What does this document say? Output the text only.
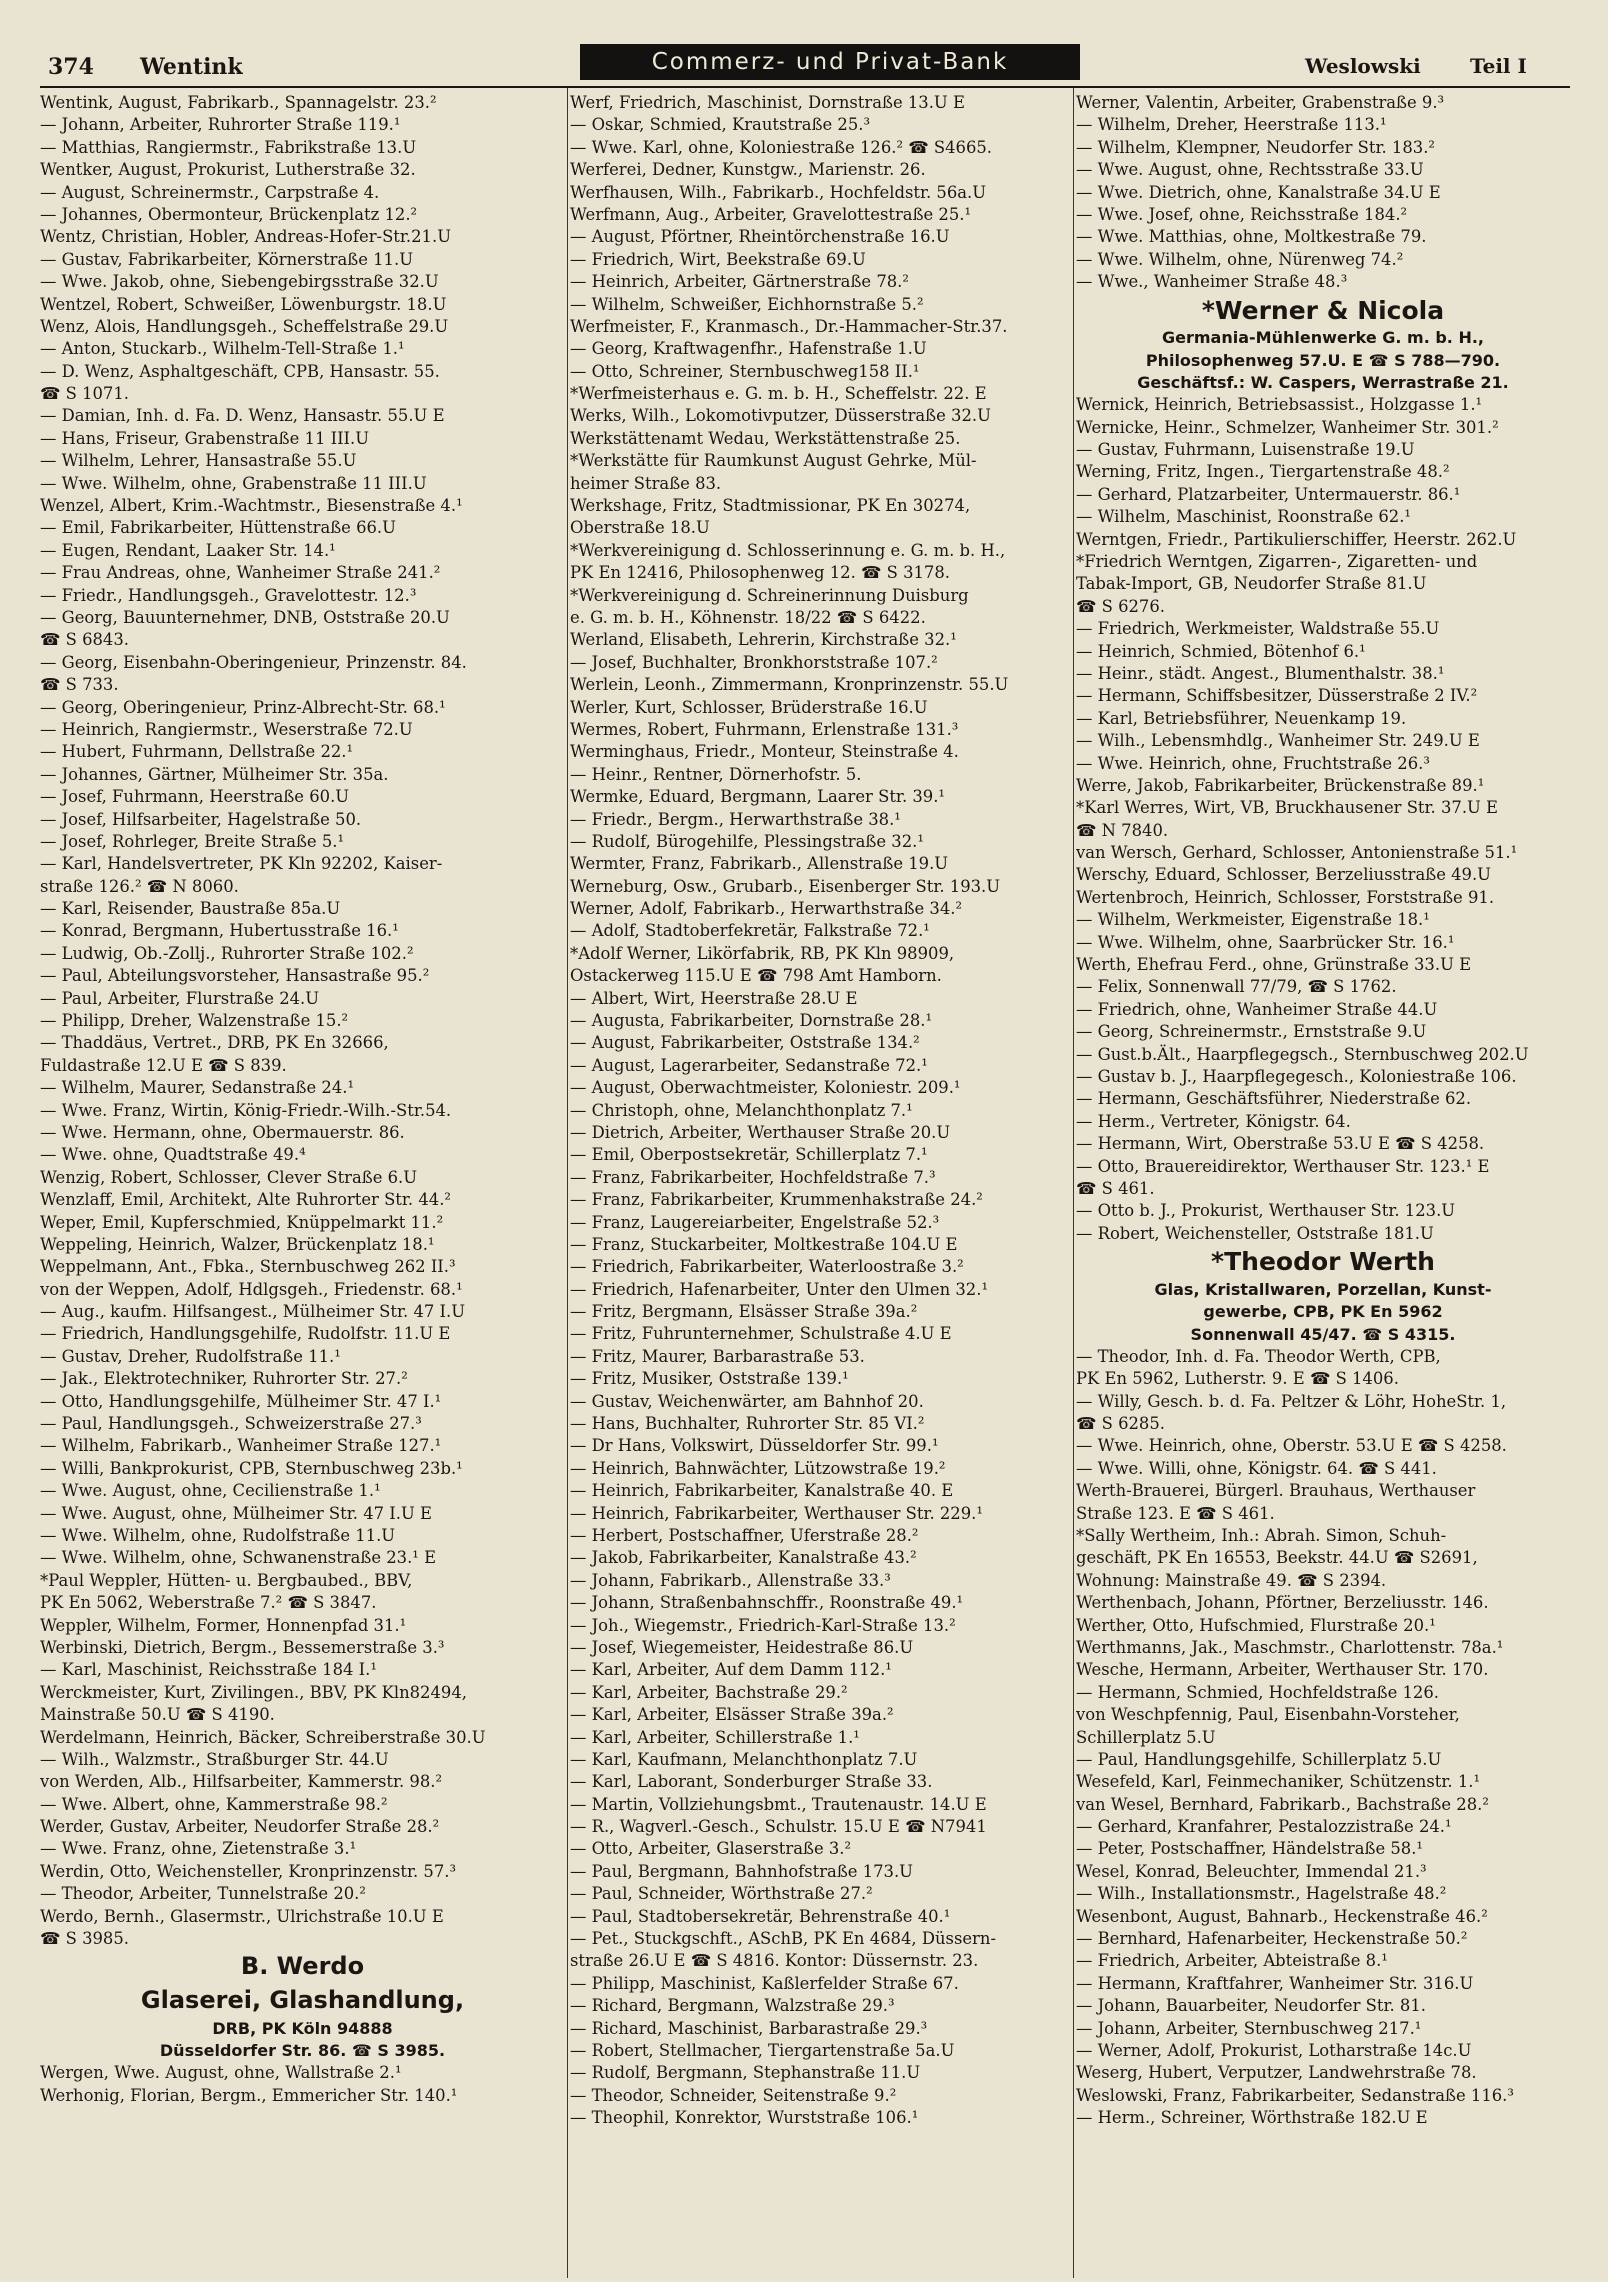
374 Wentink	Commerz- und Privat-Bank	Weslowski Teil I
Wentink, August, Fabrikarb., Spannagelstr. 23.²
— Johann, Arbeiter, Ruhrorter Straße 119.¹
— Matthias, Rangiermstr., Fabrikstraße 13.U
Wentker, August, Prokurist, Lutherstraße 32.
— August, Schreinermstr., Carpstraße 4.
— Johannes, Obermonteur, Brückenplatz 12.²
Wentz, Christian, Hobler, Andreas-Hofer-Str.21.U
— Gustav, Fabrikarbeiter, Körnerstraße 11.U
— Wwe. Jakob, ohne, Siebengebirgsstraße 32.U
Wentzel, Robert, Schweißer, Löwenburgstr. 18.U
Wenz, Alois, Handlungsgeh., Scheffelstraße 29.U
— Anton, Stuckarb., Wilhelm-Tell-Straße 1.¹
— D. Wenz, Asphaltgeschäft, CPB, Hansastr. 55.
☎ S 1071.
— Damian, Inh. d. Fa. D. Wenz, Hansastr. 55.U E
— Hans, Friseur, Grabenstraße 11 III.U
— Wilhelm, Lehrer, Hansastraße 55.U
— Wwe. Wilhelm, ohne, Grabenstraße 11 III.U
Wenzel, Albert, Krim.-Wachtmstr., Biesenstraße 4.¹
— Emil, Fabrikarbeiter, Hüttenstraße 66.U
— Eugen, Rendant, Laaker Str. 14.¹
— Frau Andreas, ohne, Wanheimer Straße 241.²
— Friedr., Handlungsgeh., Gravelottestr. 12.³
— Georg, Bauunternehmer, DNB, Oststraße 20.U
☎ S 6843.
— Georg, Eisenbahn-Oberingenieur, Prinzenstr. 84.
☎ S 733.
— Georg, Oberingenieur, Prinz-Albrecht-Str. 68.¹
— Heinrich, Rangiermstr., Weserstraße 72.U
— Hubert, Fuhrmann, Dellstraße 22.¹
— Johannes, Gärtner, Mülheimer Str. 35a.
— Josef, Fuhrmann, Heerstraße 60.U
— Josef, Hilfsarbeiter, Hagelstraße 50.
— Josef, Rohrleger, Breite Straße 5.¹
— Karl, Handelsvertreter, PK Kln 92202, Kaiser-
straße 126.² ☎ N 8060.
— Karl, Reisender, Baustraße 85a.U
— Konrad, Bergmann, Hubertusstraße 16.¹
— Ludwig, Ob.-Zollj., Ruhrorter Straße 102.²
— Paul, Abteilungsvorsteher, Hansastraße 95.²
— Paul, Arbeiter, Flurstraße 24.U
— Philipp, Dreher, Walzenstraße 15.²
— Thaddäus, Vertret., DRB, PK En 32666,
Fuldastraße 12.U E ☎ S 839.
— Wilhelm, Maurer, Sedanstraße 24.¹
— Wwe. Franz, Wirtin, König-Friedr.-Wilh.-Str.54.
— Wwe. Hermann, ohne, Obermauerstr. 86.
— Wwe. ohne, Quadtstraße 49.⁴
Wenzig, Robert, Schlosser, Clever Straße 6.U
Wenzlaff, Emil, Architekt, Alte Ruhrorter Str. 44.²
Weper, Emil, Kupferschmied, Knüppelmarkt 11.²
Weppeling, Heinrich, Walzer, Brückenplatz 18.¹
Weppelmann, Ant., Fbka., Sternbuschweg 262 II.³
von der Weppen, Adolf, Hdlgsgeh., Friedenstr. 68.¹
— Aug., kaufm. Hilfsangest., Mülheimer Str. 47 I.U
— Friedrich, Handlungsgehilfe, Rudolfstr. 11.U E
— Gustav, Dreher, Rudolfstraße 11.¹
— Jak., Elektrotechniker, Ruhrorter Str. 27.²
— Otto, Handlungsgehilfe, Mülheimer Str. 47 I.¹
— Paul, Handlungsgeh., Schweizerstraße 27.³
— Wilhelm, Fabrikarb., Wanheimer Straße 127.¹
— Willi, Bankprokurist, CPB, Sternbuschweg 23b.¹
— Wwe. August, ohne, Cecilienstraße 1.¹
— Wwe. August, ohne, Mülheimer Str. 47 I.U E
— Wwe. Wilhelm, ohne, Rudolfstraße 11.U
— Wwe. Wilhelm, ohne, Schwanenstraße 23.¹ E
*Paul Weppler, Hütten- u. Bergbaubed., BBV,
PK En 5062, Weberstraße 7.² ☎ S 3847.
Weppler, Wilhelm, Former, Honnenpfad 31.¹
Werbinski, Dietrich, Bergm., Bessemerstraße 3.³
— Karl, Maschinist, Reichsstraße 184 I.¹
Werckmeister, Kurt, Zivilingen., BBV, PK Kln82494,
Mainstraße 50.U ☎ S 4190.
Werdelmann, Heinrich, Bäcker, Schreiberstraße 30.U
— Wilh., Walzmstr., Straßburger Str. 44.U
von Werden, Alb., Hilfsarbeiter, Kammerstr. 98.²
— Wwe. Albert, ohne, Kammerstraße 98.²
Werder, Gustav, Arbeiter, Neudorfer Straße 28.²
— Wwe. Franz, ohne, Zietenstraße 3.¹
Werdin, Otto, Weichensteller, Kronprinzenstr. 57.³
— Theodor, Arbeiter, Tunnelstraße 20.²
Werdo, Bernh., Glasermstr., Ulrichstraße 10.U E
☎ S 3985.
B. Werdo
Glaserei, Glashandlung,
DRB, PK Köln 94888
Düsseldorfer Str. 86. ☎ S 3985.
Wergen, Wwe. August, ohne, Wallstraße 2.¹
Werhonig, Florian, Bergm., Emmericher Str. 140.¹
Werf, Friedrich, Maschinist, Dornstraße 13.U E
— Oskar, Schmied, Krautstraße 25.³
— Wwe. Karl, ohne, Koloniestraße 126.² ☎ S4665.
Werferei, Dedner, Kunstgw., Marienstr. 26.
Werfhausen, Wilh., Fabrikarb., Hochfeldstr. 56a.U
Werfmann, Aug., Arbeiter, Gravelottestraße 25.¹
— August, Pförtner, Rheintörchenstraße 16.U
— Friedrich, Wirt, Beekstraße 69.U
— Heinrich, Arbeiter, Gärtnerstraße 78.²
— Wilhelm, Schweißer, Eichhornstraße 5.²
Werfmeister, F., Kranmasch., Dr.-Hammacher-Str.37.
— Georg, Kraftwagenfhr., Hafenstraße 1.U
— Otto, Schreiner, Sternbuschweg158 II.¹
*Werfmeisterhaus e. G. m. b. H., Scheffelstr. 22. E
Werks, Wilh., Lokomotivputzer, Düsserstraße 32.U
Werkstättenamt Wedau, Werkstättenstraße 25.
*Werkstätte für Raumkunst August Gehrke, Mül-
heimer Straße 83.
Werkshage, Fritz, Stadtmissionar, PK En 30274,
Oberstraße 18.U
*Werkvereinigung d. Schlosserinnung e. G. m. b. H.,
PK En 12416, Philosophenweg 12. ☎ S 3178.
*Werkvereinigung d. Schreinerinnung Duisburg
e. G. m. b. H., Köhnenstr. 18/22 ☎ S 6422.
Werland, Elisabeth, Lehrerin, Kirchstraße 32.¹
— Josef, Buchhalter, Bronkhorststraße 107.²
Werlein, Leonh., Zimmermann, Kronprinzenstr. 55.U
Werler, Kurt, Schlosser, Brüderstraße 16.U
Wermes, Robert, Fuhrmann, Erlenstraße 131.³
Werminghaus, Friedr., Monteur, Steinstraße 4.
— Heinr., Rentner, Dörnerhofstr. 5.
Wermke, Eduard, Bergmann, Laarer Str. 39.¹
— Friedr., Bergm., Herwarthstraße 38.¹
— Rudolf, Bürogehilfe, Plessingstraße 32.¹
Wermter, Franz, Fabrikarb., Allenstraße 19.U
Werneburg, Osw., Grubarb., Eisenberger Str. 193.U
Werner, Adolf, Fabrikarb., Herwarthstraße 34.²
— Adolf, Stadtoberfekretär, Falkstraße 72.¹
*Adolf Werner, Likörfabrik, RB, PK Kln 98909,
Ostackerweg 115.U E ☎ 798 Amt Hamborn.
— Albert, Wirt, Heerstraße 28.U E
— Augusta, Fabrikarbeiter, Dornstraße 28.¹
— August, Fabrikarbeiter, Oststraße 134.²
— August, Lagerarbeiter, Sedanstraße 72.¹
— August, Oberwachtmeister, Koloniestr. 209.¹
— Christoph, ohne, Melanchthonplatz 7.¹
— Dietrich, Arbeiter, Werthauser Straße 20.U
— Emil, Oberpostsekretär, Schillerplatz 7.¹
— Franz, Fabrikarbeiter, Hochfeldstraße 7.³
— Franz, Fabrikarbeiter, Krummenhakstraße 24.²
— Franz, Laugereiarbeiter, Engelstraße 52.³
— Franz, Stuckarbeiter, Moltkestraße 104.U E
— Friedrich, Fabrikarbeiter, Waterloostraße 3.²
— Friedrich, Hafenarbeiter, Unter den Ulmen 32.¹
— Fritz, Bergmann, Elsässer Straße 39a.²
— Fritz, Fuhrunternehmer, Schulstraße 4.U E
— Fritz, Maurer, Barbarastraße 53.
— Fritz, Musiker, Oststraße 139.¹
— Gustav, Weichenwärter, am Bahnhof 20.
— Hans, Buchhalter, Ruhrorter Str. 85 VI.²
— Dr Hans, Volkswirt, Düsseldorfer Str. 99.¹
— Heinrich, Bahnwächter, Lützowstraße 19.²
— Heinrich, Fabrikarbeiter, Kanalstraße 40. E
— Heinrich, Fabrikarbeiter, Werthauser Str. 229.¹
— Herbert, Postschaffner, Uferstraße 28.²
— Jakob, Fabrikarbeiter, Kanalstraße 43.²
— Johann, Fabrikarb., Allenstraße 33.³
— Johann, Straßenbahnschffr., Roonstraße 49.¹
— Joh., Wiegemstr., Friedrich-Karl-Straße 13.²
— Josef, Wiegemeister, Heidestraße 86.U
— Karl, Arbeiter, Auf dem Damm 112.¹
— Karl, Arbeiter, Bachstraße 29.²
— Karl, Arbeiter, Elsässer Straße 39a.²
— Karl, Arbeiter, Schillerstraße 1.¹
— Karl, Kaufmann, Melanchthonplatz 7.U
— Karl, Laborant, Sonderburger Straße 33.
— Martin, Vollziehungsbmt., Trautenaustr. 14.U E
— R., Wagverl.-Gesch., Schulstr. 15.U E ☎ N7941
— Otto, Arbeiter, Glaserstraße 3.²
— Paul, Bergmann, Bahnhofstraße 173.U
— Paul, Schneider, Wörthstraße 27.²
— Paul, Stadtobersekretär, Behrenstraße 40.¹
— Pet., Stuckgschft., ASchB, PK En 4684, Düssern-
straße 26.U E ☎ S 4816. Kontor: Düssernstr. 23.
— Philipp, Maschinist, Kaßlerfelder Straße 67.
— Richard, Bergmann, Walzstraße 29.³
— Richard, Maschinist, Barbarastraße 29.³
— Robert, Stellmacher, Tiergartenstraße 5a.U
— Rudolf, Bergmann, Stephanstraße 11.U
— Theodor, Schneider, Seitenstraße 9.²
— Theophil, Konrektor, Wurststraße 106.¹
Werner, Valentin, Arbeiter, Grabenstraße 9.³
— Wilhelm, Dreher, Heerstraße 113.¹
— Wilhelm, Klempner, Neudorfer Str. 183.²
— Wwe. August, ohne, Rechtsstraße 33.U
— Wwe. Dietrich, ohne, Kanalstraße 34.U E
— Wwe. Josef, ohne, Reichsstraße 184.²
— Wwe. Matthias, ohne, Moltkestraße 79.
— Wwe. Wilhelm, ohne, Nürenweg 74.²
— Wwe., Wanheimer Straße 48.³
*Werner & Nicola
Germania-Mühlenwerke G. m. b. H.,
Philosophenweg 57.U. E ☎ S 788—790.
Geschäftsf.: W. Caspers, Werrastraße 21.
Wernick, Heinrich, Betriebsassist., Holzgasse 1.¹
Wernicke, Heinr., Schmelzer, Wanheimer Str. 301.²
— Gustav, Fuhrmann, Luisenstraße 19.U
Werning, Fritz, Ingen., Tiergartenstraße 48.²
— Gerhard, Platzarbeiter, Untermauerstr. 86.¹
— Wilhelm, Maschinist, Roonstraße 62.¹
Werntgen, Friedr., Partikulierschiffer, Heerstr. 262.U
*Friedrich Werntgen, Zigarren-, Zigaretten- und
Tabak-Import, GB, Neudorfer Straße 81.U
☎ S 6276.
— Friedrich, Werkmeister, Waldstraße 55.U
— Heinrich, Schmied, Bötenhof 6.¹
— Heinr., städt. Angest., Blumenthalstr. 38.¹
— Hermann, Schiffsbesitzer, Düsserstraße 2 IV.²
— Karl, Betriebsführer, Neuenkamp 19.
— Wilh., Lebensmhdlg., Wanheimer Str. 249.U E
— Wwe. Heinrich, ohne, Fruchtstraße 26.³
Werre, Jakob, Fabrikarbeiter, Brückenstraße 89.¹
*Karl Werres, Wirt, VB, Bruckhausener Str. 37.U E
☎ N 7840.
van Wersch, Gerhard, Schlosser, Antonienstraße 51.¹
Werschy, Eduard, Schlosser, Berzeliusstraße 49.U
Wertenbroch, Heinrich, Schlosser, Forststraße 91.
— Wilhelm, Werkmeister, Eigenstraße 18.¹
— Wwe. Wilhelm, ohne, Saarbrücker Str. 16.¹
Werth, Ehefrau Ferd., ohne, Grünstraße 33.U E
— Felix, Sonnenwall 77/79, ☎ S 1762.
— Friedrich, ohne, Wanheimer Straße 44.U
— Georg, Schreinermstr., Ernststraße 9.U
— Gust.b.Ält., Haarpflegegsch., Sternbuschweg 202.U
— Gustav b. J., Haarpflegegesch., Koloniestraße 106.
— Hermann, Geschäftsführer, Niederstraße 62.
— Herm., Vertreter, Königstr. 64.
— Hermann, Wirt, Oberstraße 53.U E ☎ S 4258.
— Otto, Brauereidirektor, Werthauser Str. 123.¹ E
☎ S 461.
— Otto b. J., Prokurist, Werthauser Str. 123.U
— Robert, Weichensteller, Oststraße 181.U
*Theodor Werth
Glas, Kristallwaren, Porzellan, Kunst-
gewerbe, CPB, PK En 5962
Sonnenwall 45/47. ☎ S 4315.
— Theodor, Inh. d. Fa. Theodor Werth, CPB,
PK En 5962, Lutherstr. 9. E ☎ S 1406.
— Willy, Gesch. b. d. Fa. Peltzer & Löhr, HoheStr. 1,
☎ S 6285.
— Wwe. Heinrich, ohne, Oberstr. 53.U E ☎ S 4258.
— Wwe. Willi, ohne, Königstr. 64. ☎ S 441.
Werth-Brauerei, Bürgerl. Brauhaus, Werthauser
Straße 123. E ☎ S 461.
*Sally Wertheim, Inh.: Abrah. Simon, Schuh-
geschäft, PK En 16553, Beekstr. 44.U ☎ S2691,
Wohnung: Mainstraße 49. ☎ S 2394.
Werthenbach, Johann, Pförtner, Berzeliusstr. 146.
Werther, Otto, Hufschmied, Flurstraße 20.¹
Werthmanns, Jak., Maschmstr., Charlottenstr. 78a.¹
Wesche, Hermann, Arbeiter, Werthauser Str. 170.
— Hermann, Schmied, Hochfeldstraße 126.
von Weschpfennig, Paul, Eisenbahn-Vorsteher,
Schillerplatz 5.U
— Paul, Handlungsgehilfe, Schillerplatz 5.U
Wesefeld, Karl, Feinmechaniker, Schützenstr. 1.¹
van Wesel, Bernhard, Fabrikarb., Bachstraße 28.²
— Gerhard, Kranfahrer, Pestalozzistraße 24.¹
— Peter, Postschaffner, Händelstraße 58.¹
Wesel, Konrad, Beleuchter, Immendal 21.³
— Wilh., Installationsmstr., Hagelstraße 48.²
Wesenbont, August, Bahnarb., Heckenstraße 46.²
— Bernhard, Hafenarbeiter, Heckenstraße 50.²
— Friedrich, Arbeiter, Abteistraße 8.¹
— Hermann, Kraftfahrer, Wanheimer Str. 316.U
— Johann, Bauarbeiter, Neudorfer Str. 81.
— Johann, Arbeiter, Sternbuschweg 217.¹
— Werner, Adolf, Prokurist, Lotharstraße 14c.U
Weserg, Hubert, Verputzer, Landwehrstraße 78.
Weslowski, Franz, Fabrikarbeiter, Sedanstraße 116.³
— Herm., Schreiner, Wörthstraße 182.U E
